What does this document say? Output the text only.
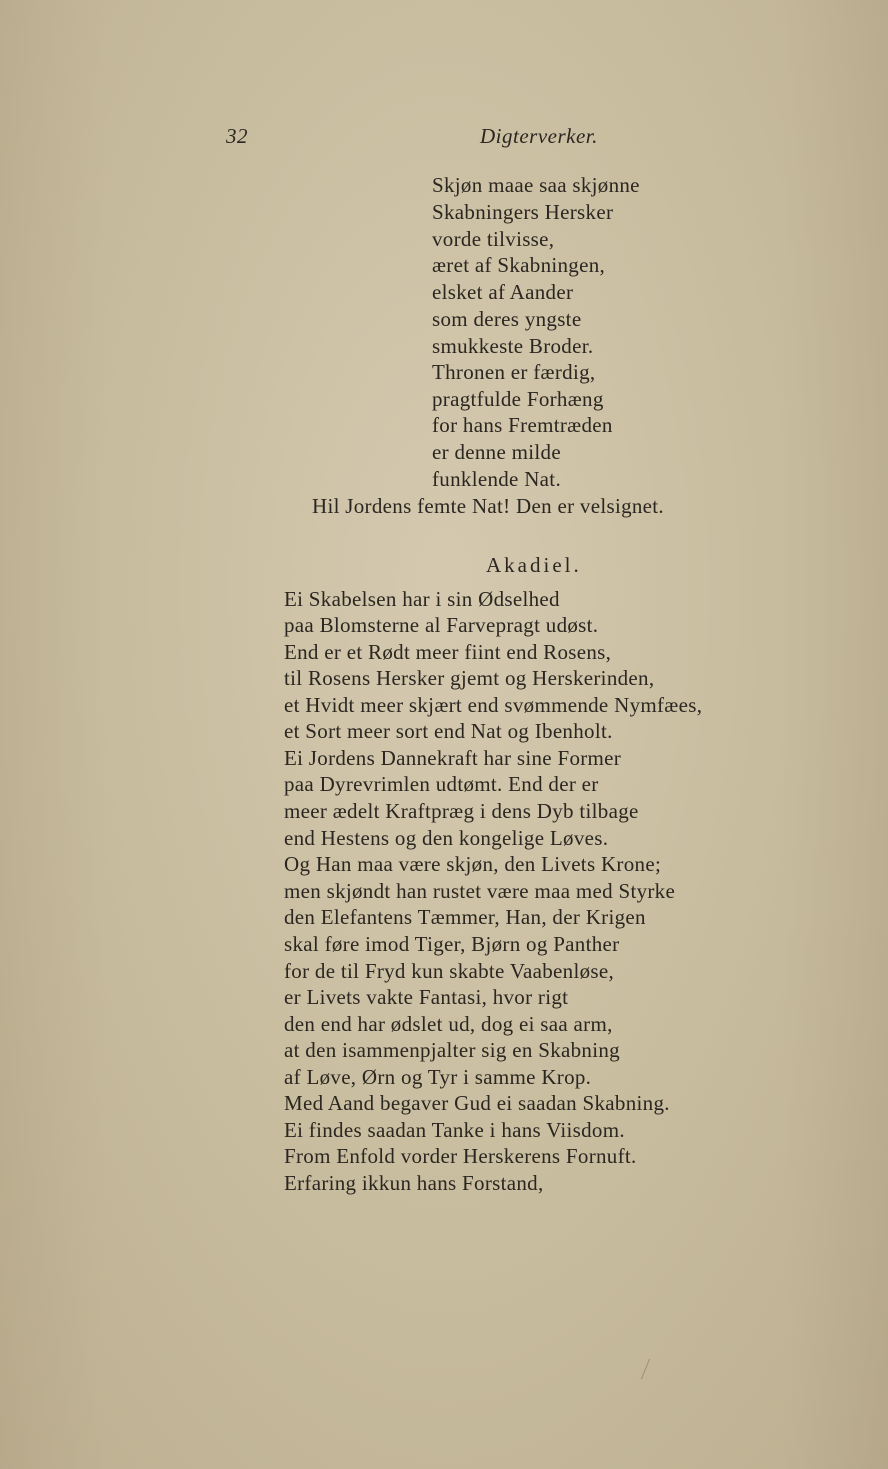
32	Digterverker.
Skjøn maae saa skjønne
Skabningers Hersker
vorde tilvisse,
æret af Skabningen,
elsket af Aander
som deres yngste
smukkeste Broder.
Thronen er færdig,
pragtfulde Forhæng
for hans Fremtræden
er denne milde
funklende Nat.
Hil Jordens femte Nat! Den er velsignet.
Akadiel.
Ei Skabelsen har i sin Ødselhed
paa Blomsterne al Farvepragt udøst.
End er et Rødt meer fiint end Rosens,
til Rosens Hersker gjemt og Herskerinden,
et Hvidt meer skjært end svømmende Nymfæes,
et Sort meer sort end Nat og Ibenholt.
Ei Jordens Dannekraft har sine Former
paa Dyrevrimlen udtømt. End der er
meer ædelt Kraftpræg i dens Dyb tilbage
end Hestens og den kongelige Løves.
Og Han maa være skjøn, den Livets Krone;
men skjøndt han rustet være maa med Styrke
den Elefantens Tæmmer, Han, der Krigen
skal føre imod Tiger, Bjørn og Panther
for de til Fryd kun skabte Vaabenløse,
er Livets vakte Fantasi, hvor rigt
den end har ødslet ud, dog ei saa arm,
at den isammenpjalter sig en Skabning
af Løve, Ørn og Tyr i samme Krop.
Med Aand begaver Gud ei saadan Skabning.
Ei findes saadan Tanke i hans Viisdom.
From Enfold vorder Herskerens Fornuft.
Erfaring ikkun hans Forstand,
